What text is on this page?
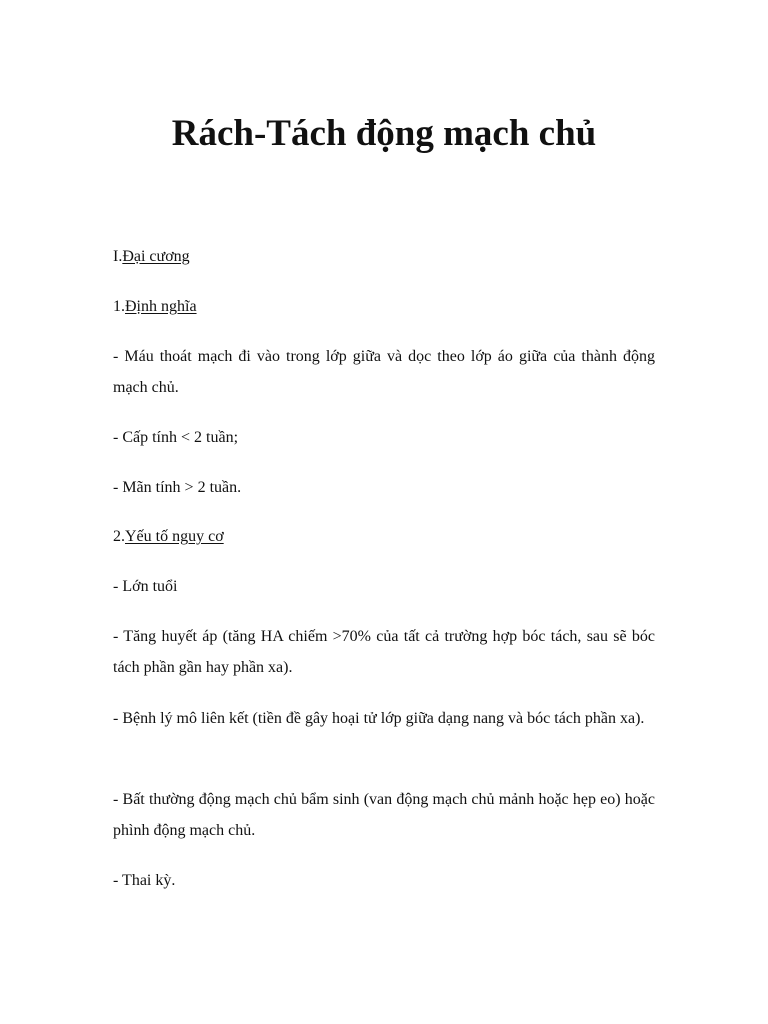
Rách-Tách động mạch chủ

I.Đại cương

1.Định nghĩa

- Máu thoát mạch đi vào trong lớp giữa và dọc theo lớp áo giữa của thành động mạch chủ.

- Cấp tính < 2 tuần;

- Mãn tính > 2 tuần.

2.Yếu tố nguy cơ

- Lớn tuổi

- Tăng huyết áp (tăng HA chiếm >70% của tất cả trường hợp bóc tách, sau sẽ bóc tách phần gần hay phần xa).

- Bệnh lý mô liên kết (tiền đề gây hoại tử lớp giữa dạng nang và bóc tách phần xa).

- Bất thường động mạch chủ bẩm sinh (van động mạch chủ mảnh hoặc hẹp eo) hoặc phình động mạch chủ.

- Thai kỳ.
